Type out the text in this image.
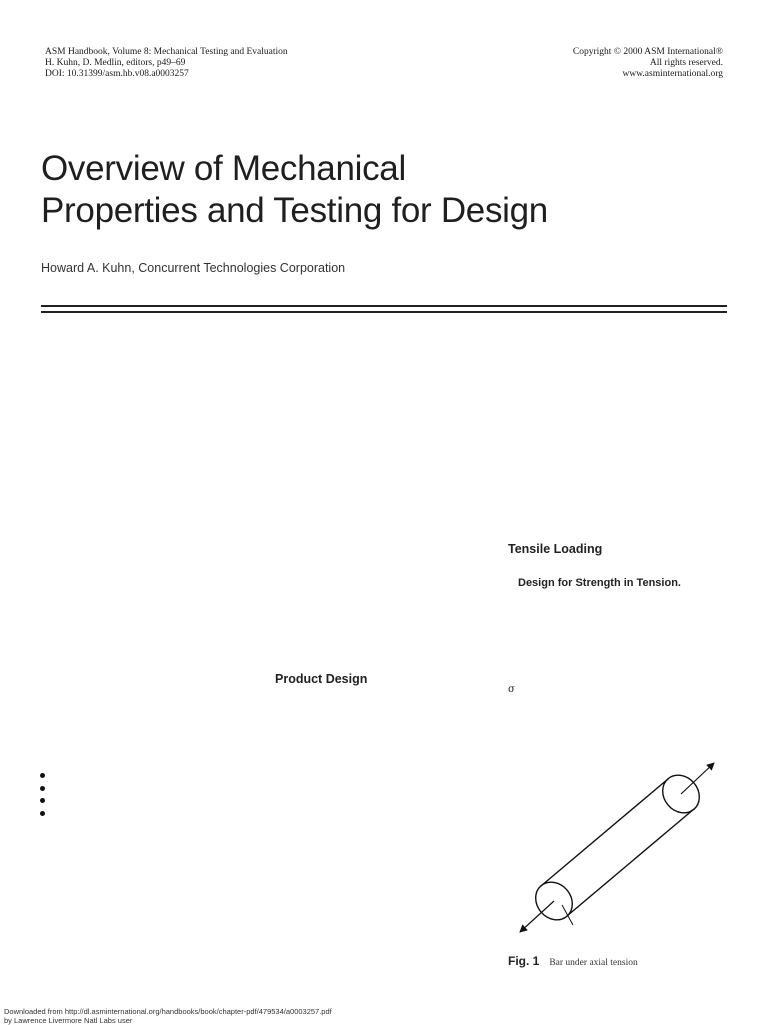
ASM Handbook, Volume 8: Mechanical Testing and Evaluation
H. Kuhn, D. Medlin, editors, p49–69
DOI: 10.31399/asm.hb.v08.a0003257
Copyright © 2000 ASM International®
All rights reserved.
www.asminternational.org
Overview of Mechanical
Properties and Testing for Design
Howard A. Kuhn, Concurrent Technologies Corporation
Tensile Loading
Design for Strength in Tension.
Product Design
σ
Fig. 1 Bar under axial tension
Downloaded from http://dl.asminternational.org/handbooks/book/chapter-pdf/479534/a0003257.pdf
by Lawrence Livermore Natl Labs user
